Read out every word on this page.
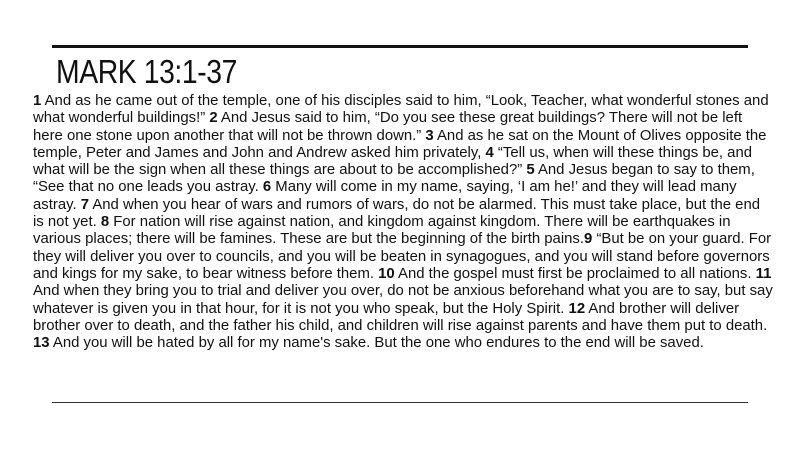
MARK 13:1-37

1 And as he came out of the temple, one of his disciples said to him, “Look, Teacher, what wonderful stones and what wonderful buildings!” 2 And Jesus said to him, “Do you see these great buildings? There will not be left here one stone upon another that will not be thrown down.” 3 And as he sat on the Mount of Olives opposite the temple, Peter and James and John and Andrew asked him privately, 4 “Tell us, when will these things be, and what will be the sign when all these things are about to be accomplished?” 5 And Jesus began to say to them, “See that no one leads you astray. 6 Many will come in my name, saying, ‘I am he!’ and they will lead many astray. 7 And when you hear of wars and rumors of wars, do not be alarmed. This must take place, but the end is not yet. 8 For nation will rise against nation, and kingdom against kingdom. There will be earthquakes in various places; there will be famines. These are but the beginning of the birth pains.9 “But be on your guard. For they will deliver you over to councils, and you will be beaten in synagogues, and you will stand before governors and kings for my sake, to bear witness before them. 10 And the gospel must first be proclaimed to all nations. 11 And when they bring you to trial and deliver you over, do not be anxious beforehand what you are to say, but say whatever is given you in that hour, for it is not you who speak, but the Holy Spirit. 12 And brother will deliver brother over to death, and the father his child, and children will rise against parents and have them put to death. 13 And you will be hated by all for my name's sake. But the one who endures to the end will be saved.
